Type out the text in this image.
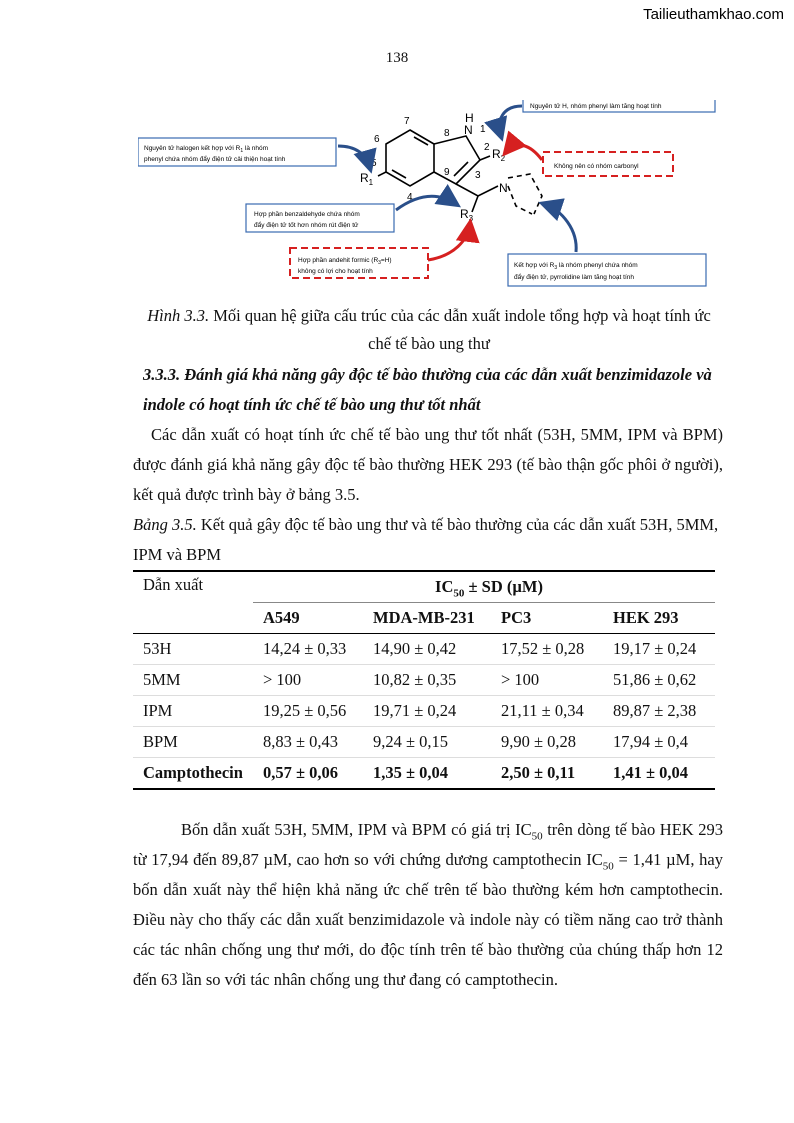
Tailieuthamkhao.com
138
7
6
5
4
9
8	1
2
3
H
N
$R_1$
$R_2$
$R_3$
N
Nguyên tử H, nhóm phenyl làm tăng hoạt tính
Nguyên tử halogen kết hợp với $R_1$ là nhóm
phenyl chứa nhóm đẩy điện tử cải thiện hoạt tính
Không nên có nhóm carbonyl
Hợp phần benzaldehyde chứa nhóm
đẩy điện tử tốt hơn nhóm rút điện tử
Hợp phần andehit formic $(R_3=H)$
không có lợi cho hoạt tính
Kết hợp với $R_3$ là nhóm phenyl chứa nhóm
đẩy điện tử, pyrrolidine làm tăng hoạt tính
Hình 3.3. Mối quan hệ giữa cấu trúc của các dẫn xuất indole tổng hợp và hoạt tính ức chế tế bào ung thư
3.3.3. Đánh giá khả năng gây độc tế bào thường của các dẫn xuất benzimidazole và indole có hoạt tính ức chế tế bào ung thư tốt nhất
Các dẫn xuất có hoạt tính ức chế tế bào ung thư tốt nhất (53H, 5MM, IPM và BPM) được đánh giá khả năng gây độc tế bào thường HEK 293 (tế bào thận gốc phôi ở người), kết quả được trình bày ở bảng 3.5.
Bảng 3.5. Kết quả gây độc tế bào ung thư và tế bào thường của các dẫn xuất 53H, 5MM, IPM và BPM
Dẫn xuất	$IC_{50}$ ± SD (µM)			
	A549	MDA-MB-231	PC3	HEK 293
53H	14,24 ± 0,33	14,90 ± 0,42	17,52 ± 0,28	19,17 ± 0,24
5MM	> 100	10,82 ± 0,35	> 100	51,86 ± 0,62
IPM	19,25 ± 0,56	19,71 ± 0,24	21,11 ± 0,34	89,87 ± 2,38
BPM	8,83 ± 0,43	9,24 ± 0,15	9,90 ± 0,28	17,94 ± 0,4
Camptothecin	0,57 ± 0,06	1,35 ± 0,04	2,50 ± 0,11	1,41 ± 0,04
Bốn dẫn xuất 53H, 5MM, IPM và BPM có giá trị $IC_{50}$ trên dòng tế bào HEK 293 từ 17,94 đến 89,87 µM, cao hơn so với chứng dương camptothecin $IC_{50} = 1,41$ µM, hay bốn dẫn xuất này thể hiện khả năng ức chế trên tế bào thường kém hơn camptothecin. Điều này cho thấy các dẫn xuất benzimidazole và indole này có tiềm năng cao trở thành các tác nhân chống ung thư mới, do độc tính trên tế bào thường của chúng thấp hơn 12 đến 63 lần so với tác nhân chống ung thư đang có camptothecin.
